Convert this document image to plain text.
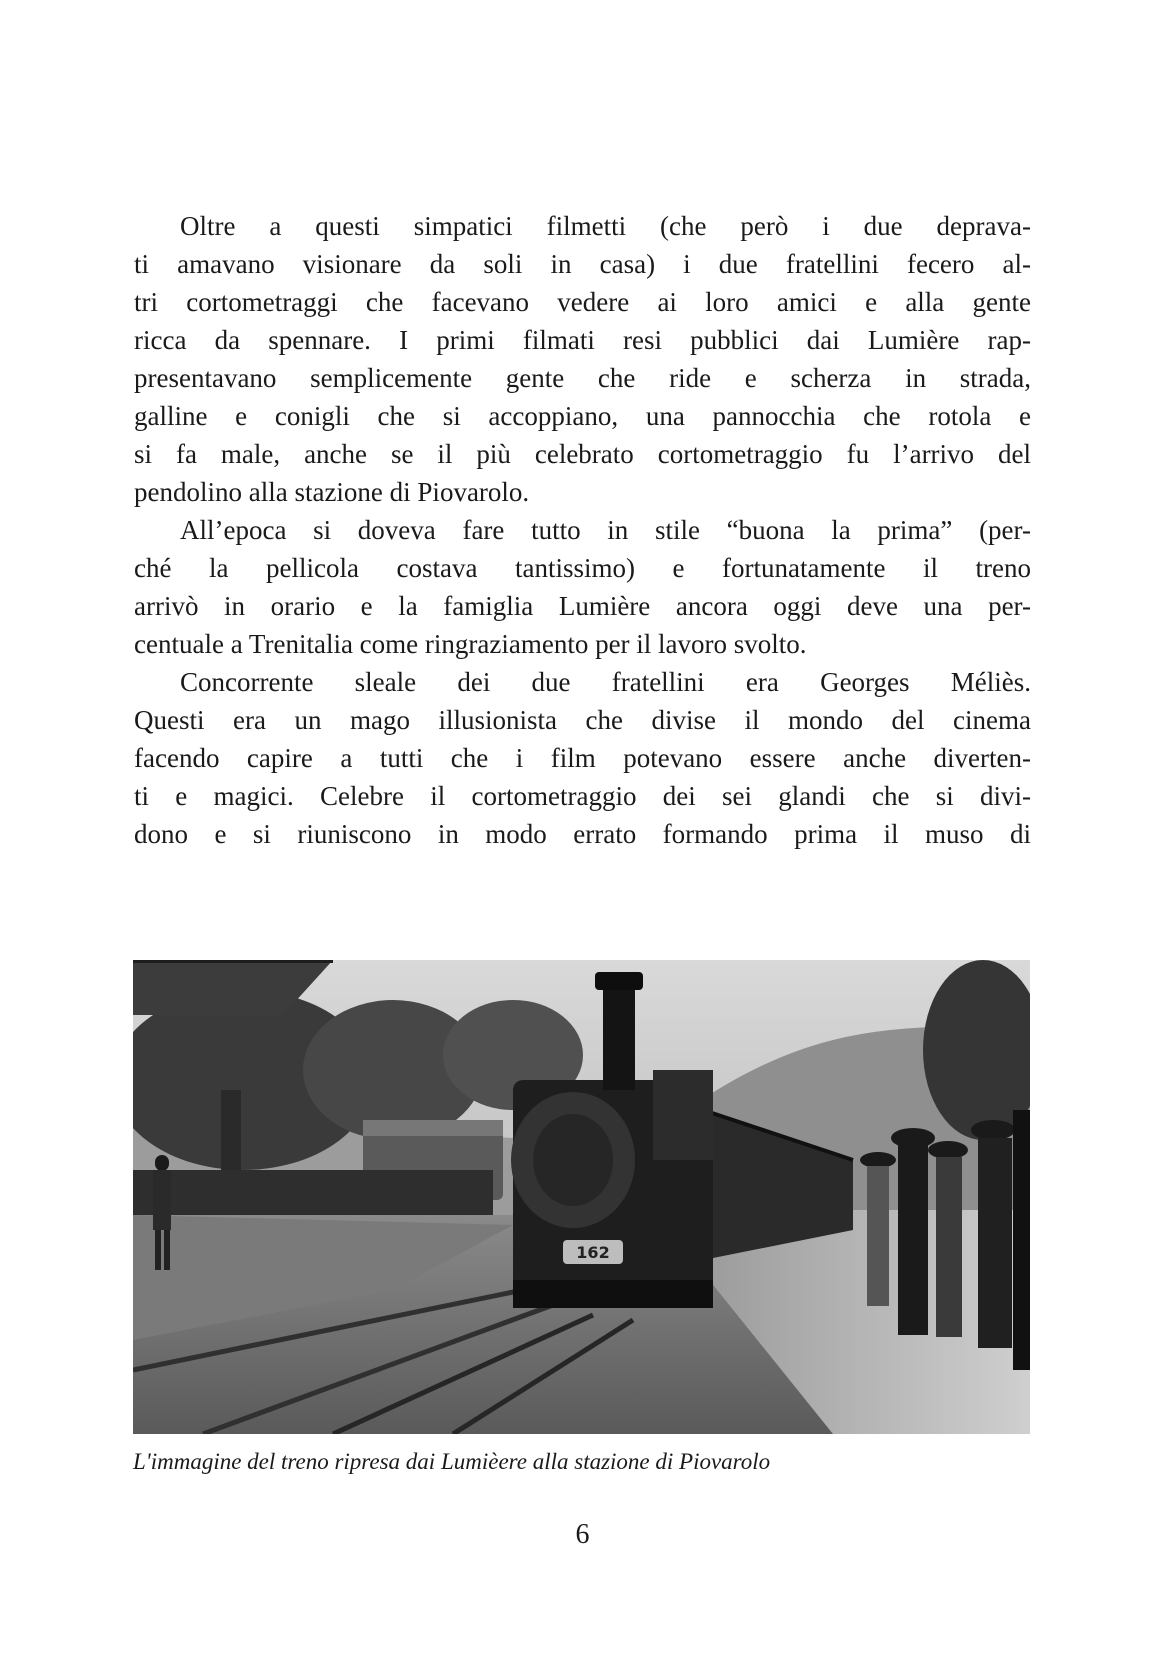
Oltre a questi simpatici filmetti (che però i due deprava-
ti amavano visionare da soli in casa) i due fratellini fecero al-
tri cortometraggi che facevano vedere ai loro amici e alla gente
ricca da spennare. I primi filmati resi pubblici dai Lumière rap-
presentavano semplicemente gente che ride e scherza in strada,
galline e conigli che si accoppiano, una pannocchia che rotola e
si fa male, anche se il più celebrato cortometraggio fu l’arrivo del
pendolino alla stazione di Piovarolo.
All’epoca si doveva fare tutto in stile “buona la prima” (per-
ché la pellicola costava tantissimo) e fortunatamente il treno
arrivò in orario e la famiglia Lumière ancora oggi deve una per-
centuale a Trenitalia come ringraziamento per il lavoro svolto.
Concorrente sleale dei due fratellini era Georges Méliès.
Questi era un mago illusionista che divise il mondo del cinema
facendo capire a tutti che i film potevano essere anche diverten-
ti e magici. Celebre il cortometraggio dei sei glandi che si divi-
dono e si riuniscono in modo errato formando prima il muso di
162
L'immagine del treno ripresa dai Lumièere alla stazione di Piovarolo
6
